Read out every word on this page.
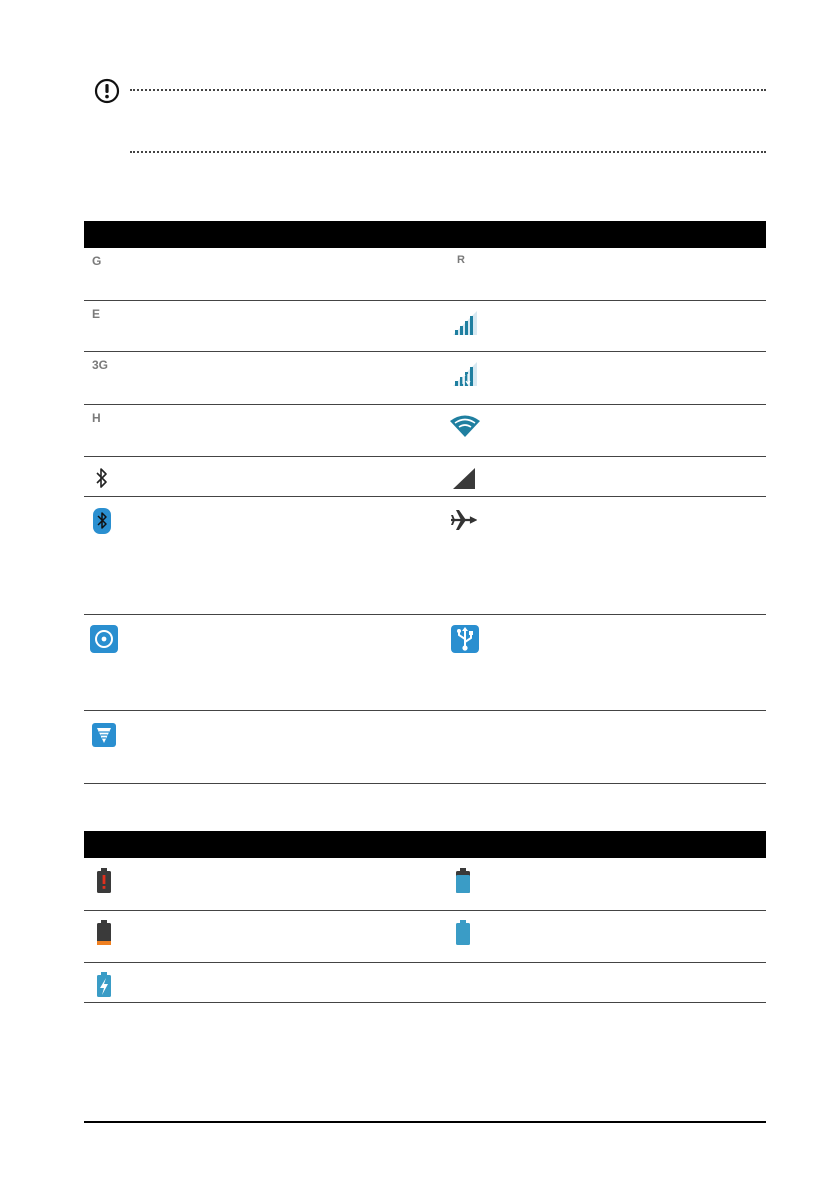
G	R

E

3G

H
